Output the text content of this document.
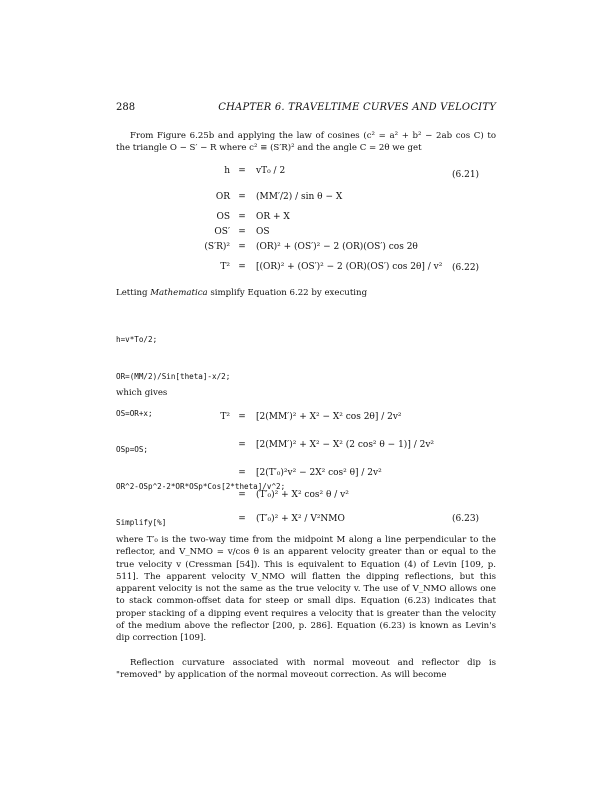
288	CHAPTER 6. TRAVELTIME CURVES AND VELOCITY

From Figure 6.25b and applying the law of cosines (c² = a² + b² − 2ab cos C) to the triangle O − S′ − R where c² ≡ (S′R)² and the angle C = 2θ we get

h =	vT₀ / 2	(6.21)
OR =	(MM′/2) / sin θ − X
OS =	OR + X
OS′ =	OS
(S′R)² =	(OR)² + (OS′)² − 2 (OR)(OS′) cos 2θ
T² =	[(OR)² + (OS′)² − 2 (OR)(OS′) cos 2θ] / v² (6.22)

Letting Mathematica simplify Equation 6.22 by executing

h=v*To/2;

OR=(MM/2)/Sin[theta]-x/2;

OS=OR+x;

OSp=OS;

OR^2-OSp^2-2*OR*OSp*Cos[2*theta]/v^2;

Simplify[%]

which gives

T² =	[2(MM′)² + X² − X² cos 2θ] / 2v²
=	[2(MM′)² + X² − X² (2 cos² θ − 1)] / 2v²
=	[2(T′₀)²v² − 2X² cos² θ] / 2v²
=	(T′₀)² + X² cos² θ / v²
=	(T′₀)² + X² / V²NMO	(6.23)

where T′₀ is the two-way time from the midpoint M along a line perpendicular to the reflector, and V_NMO = v/cos θ is an apparent velocity greater than or equal to the true velocity v (Cressman [54]). This is equivalent to Equation (4) of Levin [109, p. 511]. The apparent velocity V_NMO will flatten the dipping reflections, but this apparent velocity is not the same as the true velocity v. The use of V_NMO allows one to stack common-offset data for steep or small dips. Equation (6.23) indicates that proper stacking of a dipping event requires a velocity that is greater than the velocity of the medium above the reflector [200, p. 286]. Equation (6.23) is known as Levin's dip correction [109].

Reflection curvature associated with normal moveout and reflector dip is "removed" by application of the normal moveout correction. As will become
